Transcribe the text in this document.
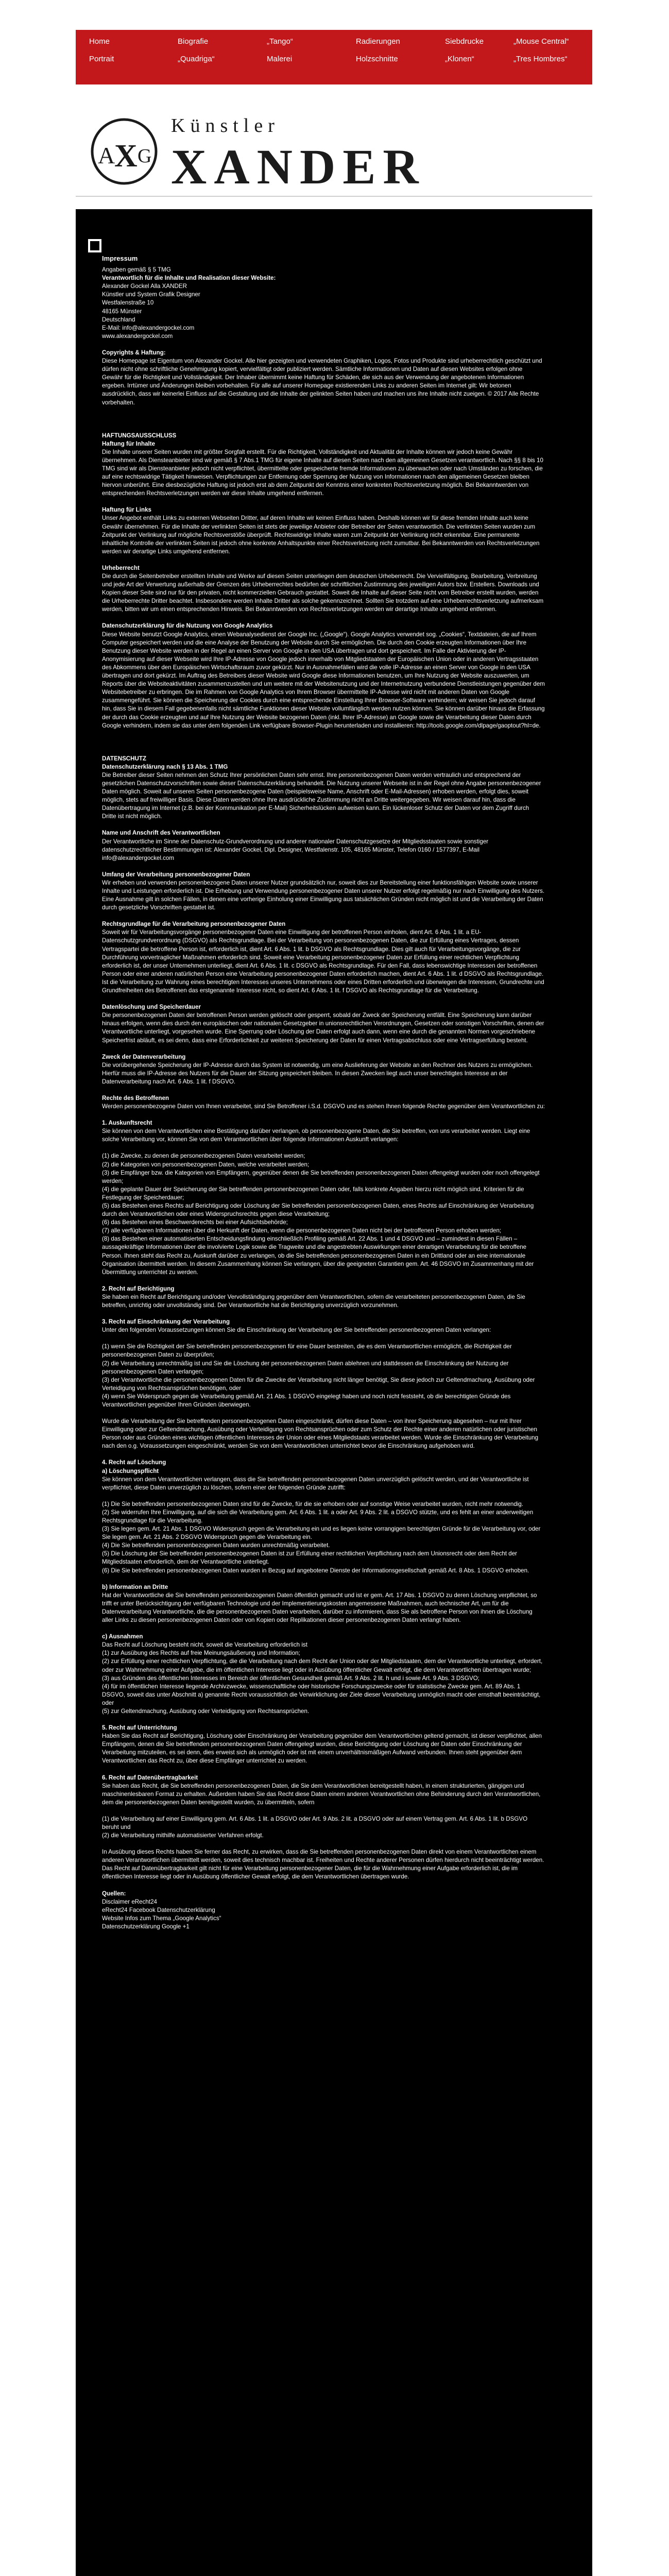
Home	Biografie	„Tango“	Radierungen	Siebdrucke	„Mouse Central“
Portrait	„Quadriga“	Malerei	Holzschnitte	„Klonen“	„Tres Hombres“
A
X G
Künstler
XANDER
Impressum
Angaben gemäß § 5 TMG
Verantwortlich für die Inhalte und Realisation dieser Website:
Alexander Gockel Alla XANDER
Künstler und System Grafik Designer
Westfalenstraße 10
48165 Münster
Deutschland
E-Mail: info@alexandergockel.com
www.alexandergockel.com
Copyrights & Haftung:

Diese Homepage ist Eigentum von Alexander Gockel. Alle hier gezeigten und verwendeten Graphiken, Logos, Fotos und Produkte sind urheberrechtlich geschützt und dürfen nicht ohne schriftliche Genehmigung kopiert, vervielfältigt oder publiziert werden. Sämtliche Informationen und Daten auf diesen Websites erfolgen ohne Gewähr für die Richtigkeit und Vollständigkeit. Der Inhaber übernimmt keine Haftung für Schäden, die sich aus der Verwendung der angebotenen Informationen ergeben. Irrtümer und Änderungen bleiben vorbehalten. Für alle auf unserer Homepage existierenden Links zu anderen Seiten im Internet gilt: Wir betonen ausdrücklich, dass wir keinerlei Einfluss auf die Gestaltung und die Inhalte der gelinkten Seiten haben und machen uns ihre Inhalte nicht zueigen. © 2017 Alle Rechte vorbehalten.

HAFTUNGSAUSSCHLUSS
Haftung für Inhalte

Die Inhalte unserer Seiten wurden mit größter Sorgfalt erstellt. Für die Richtigkeit, Vollständigkeit und Aktualität der Inhalte können wir jedoch keine Gewähr übernehmen. Als Diensteanbieter sind wir gemäß § 7 Abs.1 TMG für eigene Inhalte auf diesen Seiten nach den allgemeinen Gesetzen verantwortlich. Nach §§ 8 bis 10 TMG sind wir als Diensteanbieter jedoch nicht verpflichtet, übermittelte oder gespeicherte fremde Informationen zu überwachen oder nach Umständen zu forschen, die auf eine rechtswidrige Tätigkeit hinweisen. Verpflichtungen zur Entfernung oder Sperrung der Nutzung von Informationen nach den allgemeinen Gesetzen bleiben hiervon unberührt. Eine diesbezügliche Haftung ist jedoch erst ab dem Zeitpunkt der Kenntnis einer konkreten Rechtsverletzung möglich. Bei Bekanntwerden von entsprechenden Rechtsverletzungen werden wir diese Inhalte umgehend entfernen.

Haftung für Links

Unser Angebot enthält Links zu externen Webseiten Dritter, auf deren Inhalte wir keinen Einfluss haben. Deshalb können wir für diese fremden Inhalte auch keine Gewähr übernehmen. Für die Inhalte der verlinkten Seiten ist stets der jeweilige Anbieter oder Betreiber der Seiten verantwortlich. Die verlinkten Seiten wurden zum Zeitpunkt der Verlinkung auf mögliche Rechtsverstöße überprüft. Rechtswidrige Inhalte waren zum Zeitpunkt der Verlinkung nicht erkennbar. Eine permanente inhaltliche Kontrolle der verlinkten Seiten ist jedoch ohne konkrete Anhaltspunkte einer Rechtsverletzung nicht zumutbar. Bei Bekanntwerden von Rechtsverletzungen werden wir derartige Links umgehend entfernen.

Urheberrecht

Die durch die Seitenbetreiber erstellten Inhalte und Werke auf diesen Seiten unterliegen dem deutschen Urheberrecht. Die Vervielfältigung, Bearbeitung, Verbreitung und jede Art der Verwertung außerhalb der Grenzen des Urheberrechtes bedürfen der schriftlichen Zustimmung des jeweiligen Autors bzw. Erstellers. Downloads und Kopien dieser Seite sind nur für den privaten, nicht kommerziellen Gebrauch gestattet. Soweit die Inhalte auf dieser Seite nicht vom Betreiber erstellt wurden, werden die Urheberrechte Dritter beachtet. Insbesondere werden Inhalte Dritter als solche gekennzeichnet. Sollten Sie trotzdem auf eine Urheberrechtsverletzung aufmerksam werden, bitten wir um einen entsprechenden Hinweis. Bei Bekanntwerden von Rechtsverletzungen werden wir derartige Inhalte umgehend entfernen.

Datenschutzerklärung für die Nutzung von Google Analytics

Diese Website benutzt Google Analytics, einen Webanalysedienst der Google Inc. („Google“). Google Analytics verwendet sog. „Cookies“, Textdateien, die auf Ihrem Computer gespeichert werden und die eine Analyse der Benutzung der Website durch Sie ermöglichen. Die durch den Cookie erzeugten Informationen über Ihre Benutzung dieser Website werden in der Regel an einen Server von Google in den USA übertragen und dort gespeichert. Im Falle der Aktivierung der IP-Anonymisierung auf dieser Webseite wird Ihre IP-Adresse von Google jedoch innerhalb von Mitgliedstaaten der Europäischen Union oder in anderen Vertragsstaaten des Abkommens über den Europäischen Wirtschaftsraum zuvor gekürzt. Nur in Ausnahmefällen wird die volle IP-Adresse an einen Server von Google in den USA übertragen und dort gekürzt. Im Auftrag des Betreibers dieser Website wird Google diese Informationen benutzen, um Ihre Nutzung der Website auszuwerten, um Reports über die Websiteaktivitäten zusammenzustellen und um weitere mit der Websitenutzung und der Internetnutzung verbundene Dienstleistungen gegenüber dem Websitebetreiber zu erbringen. Die im Rahmen von Google Analytics von Ihrem Browser übermittelte IP-Adresse wird nicht mit anderen Daten von Google zusammengeführt. Sie können die Speicherung der Cookies durch eine entsprechende Einstellung Ihrer Browser-Software verhindern; wir weisen Sie jedoch darauf hin, dass Sie in diesem Fall gegebenenfalls nicht sämtliche Funktionen dieser Website vollumfänglich werden nutzen können. Sie können darüber hinaus die Erfassung der durch das Cookie erzeugten und auf Ihre Nutzung der Website bezogenen Daten (inkl. Ihrer IP-Adresse) an Google sowie die Verarbeitung dieser Daten durch Google verhindern, indem sie das unter dem folgenden Link verfügbare Browser-Plugin herunterladen und installieren: http://tools.google.com/dlpage/gaoptout?hl=de.

DATENSCHUTZ
Datenschutzerklärung nach § 13 Abs. 1 TMG

Die Betreiber dieser Seiten nehmen den Schutz Ihrer persönlichen Daten sehr ernst. Ihre personenbezogenen Daten werden vertraulich und entsprechend der gesetzlichen Datenschutzvorschriften sowie dieser Datenschutzerklärung behandelt. Die Nutzung unserer Webseite ist in der Regel ohne Angabe personenbezogener Daten möglich. Soweit auf unseren Seiten personenbezogene Daten (beispielsweise Name, Anschrift oder E-Mail-Adressen) erhoben werden, erfolgt dies, soweit möglich, stets auf freiwilliger Basis. Diese Daten werden ohne Ihre ausdrückliche Zustimmung nicht an Dritte weitergegeben. Wir weisen darauf hin, dass die Datenübertragung im Internet (z.B. bei der Kommunikation per E-Mail) Sicherheitslücken aufweisen kann. Ein lückenloser Schutz der Daten vor dem Zugriff durch Dritte ist nicht möglich.

Name und Anschrift des Verantwortlichen

Der Verantwortliche im Sinne der Datenschutz-Grundverordnung und anderer nationaler Datenschutzgesetze der Mitgliedsstaaten sowie sonstiger datenschutzrechtlicher Bestimmungen ist: Alexander Gockel, Dipl. Designer, Westfalenstr. 105, 48165 Münster, Telefon 0160 / 1577397, E-Mail info@alexandergockel.com

Umfang der Verarbeitung personenbezogener Daten

Wir erheben und verwenden personenbezogene Daten unserer Nutzer grundsätzlich nur, soweit dies zur Bereitstellung einer funktionsfähigen Website sowie unserer Inhalte und Leistungen erforderlich ist. Die Erhebung und Verwendung personenbezogener Daten unserer Nutzer erfolgt regelmäßig nur nach Einwilligung des Nutzers. Eine Ausnahme gilt in solchen Fällen, in denen eine vorherige Einholung einer Einwilligung aus tatsächlichen Gründen nicht möglich ist und die Verarbeitung der Daten durch gesetzliche Vorschriften gestattet ist.

Rechtsgrundlage für die Verarbeitung personenbezogener Daten

Soweit wir für Verarbeitungsvorgänge personenbezogener Daten eine Einwilligung der betroffenen Person einholen, dient Art. 6 Abs. 1 lit. a EU-Datenschutzgrundverordnung (DSGVO) als Rechtsgrundlage. Bei der Verarbeitung von personenbezogenen Daten, die zur Erfüllung eines Vertrages, dessen Vertragspartei die betroffene Person ist, erforderlich ist, dient Art. 6 Abs. 1 lit. b DSGVO als Rechtsgrundlage. Dies gilt auch für Verarbeitungsvorgänge, die zur Durchführung vorvertraglicher Maßnahmen erforderlich sind. Soweit eine Verarbeitung personenbezogener Daten zur Erfüllung einer rechtlichen Verpflichtung erforderlich ist, der unser Unternehmen unterliegt, dient Art. 6 Abs. 1 lit. c DSGVO als Rechtsgrundlage. Für den Fall, dass lebenswichtige Interessen der betroffenen Person oder einer anderen natürlichen Person eine Verarbeitung personenbezogener Daten erforderlich machen, dient Art. 6 Abs. 1 lit. d DSGVO als Rechtsgrundlage. Ist die Verarbeitung zur Wahrung eines berechtigten Interesses unseres Unternehmens oder eines Dritten erforderlich und überwiegen die Interessen, Grundrechte und Grundfreiheiten des Betroffenen das erstgenannte Interesse nicht, so dient Art. 6 Abs. 1 lit. f DSGVO als Rechtsgrundlage für die Verarbeitung.

Datenlöschung und Speicherdauer

Die personenbezogenen Daten der betroffenen Person werden gelöscht oder gesperrt, sobald der Zweck der Speicherung entfällt. Eine Speicherung kann darüber hinaus erfolgen, wenn dies durch den europäischen oder nationalen Gesetzgeber in unionsrechtlichen Verordnungen, Gesetzen oder sonstigen Vorschriften, denen der Verantwortliche unterliegt, vorgesehen wurde. Eine Sperrung oder Löschung der Daten erfolgt auch dann, wenn eine durch die genannten Normen vorgeschriebene Speicherfrist abläuft, es sei denn, dass eine Erforderlichkeit zur weiteren Speicherung der Daten für einen Vertragsabschluss oder eine Vertragserfüllung besteht.

Zweck der Datenverarbeitung

Die vorübergehende Speicherung der IP-Adresse durch das System ist notwendig, um eine Auslieferung der Website an den Rechner des Nutzers zu ermöglichen. Hierfür muss die IP-Adresse des Nutzers für die Dauer der Sitzung gespeichert bleiben. In diesen Zwecken liegt auch unser berechtigtes Interesse an der Datenverarbeitung nach Art. 6 Abs. 1 lit. f DSGVO.

Rechte des Betroffenen

Werden personenbezogene Daten von Ihnen verarbeitet, sind Sie Betroffener i.S.d. DSGVO und es stehen Ihnen folgende Rechte gegenüber dem Verantwortlichen zu:

1. Auskunftsrecht

Sie können von dem Verantwortlichen eine Bestätigung darüber verlangen, ob personenbezogene Daten, die Sie betreffen, von uns verarbeitet werden. Liegt eine solche Verarbeitung vor, können Sie von dem Verantwortlichen über folgende Informationen Auskunft verlangen:

(1) die Zwecke, zu denen die personenbezogenen Daten verarbeitet werden;
(2) die Kategorien von personenbezogenen Daten, welche verarbeitet werden;
(3) die Empfänger bzw. die Kategorien von Empfängern, gegenüber denen die Sie betreffenden personenbezogenen Daten offengelegt wurden oder noch offengelegt werden;
(4) die geplante Dauer der Speicherung der Sie betreffenden personenbezogenen Daten oder, falls konkrete Angaben hierzu nicht möglich sind, Kriterien für die Festlegung der Speicherdauer;
(5) das Bestehen eines Rechts auf Berichtigung oder Löschung der Sie betreffenden personenbezogenen Daten, eines Rechts auf Einschränkung der Verarbeitung durch den Verantwortlichen oder eines Widerspruchsrechts gegen diese Verarbeitung;
(6) das Bestehen eines Beschwerderechts bei einer Aufsichtsbehörde;
(7) alle verfügbaren Informationen über die Herkunft der Daten, wenn die personenbezogenen Daten nicht bei der betroffenen Person erhoben werden;
(8) das Bestehen einer automatisierten Entscheidungsfindung einschließlich Profiling gemäß Art. 22 Abs. 1 und 4 DSGVO und – zumindest in diesen Fällen – aussagekräftige Informationen über die involvierte Logik sowie die Tragweite und die angestrebten Auswirkungen einer derartigen Verarbeitung für die betroffene Person. Ihnen steht das Recht zu, Auskunft darüber zu verlangen, ob die Sie betreffenden personenbezogenen Daten in ein Drittland oder an eine internationale Organisation übermittelt werden. In diesem Zusammenhang können Sie verlangen, über die geeigneten Garantien gem. Art. 46 DSGVO im Zusammenhang mit der Übermittlung unterrichtet zu werden.
2. Recht auf Berichtigung

Sie haben ein Recht auf Berichtigung und/oder Vervollständigung gegenüber dem Verantwortlichen, sofern die verarbeiteten personenbezogenen Daten, die Sie betreffen, unrichtig oder unvollständig sind. Der Verantwortliche hat die Berichtigung unverzüglich vorzunehmen.

3. Recht auf Einschränkung der Verarbeitung

Unter den folgenden Voraussetzungen können Sie die Einschränkung der Verarbeitung der Sie betreffenden personenbezogenen Daten verlangen:

(1) wenn Sie die Richtigkeit der Sie betreffenden personenbezogenen für eine Dauer bestreiten, die es dem Verantwortlichen ermöglicht, die Richtigkeit der personenbezogenen Daten zu überprüfen;
(2) die Verarbeitung unrechtmäßig ist und Sie die Löschung der personenbezogenen Daten ablehnen und stattdessen die Einschränkung der Nutzung der personenbezogenen Daten verlangen;
(3) der Verantwortliche die personenbezogenen Daten für die Zwecke der Verarbeitung nicht länger benötigt, Sie diese jedoch zur Geltendmachung, Ausübung oder Verteidigung von Rechtsansprüchen benötigen, oder
(4) wenn Sie Widerspruch gegen die Verarbeitung gemäß Art. 21 Abs. 1 DSGVO eingelegt haben und noch nicht feststeht, ob die berechtigten Gründe des Verantwortlichen gegenüber Ihren Gründen überwiegen.

Wurde die Verarbeitung der Sie betreffenden personenbezogenen Daten eingeschränkt, dürfen diese Daten – von ihrer Speicherung abgesehen – nur mit Ihrer Einwilligung oder zur Geltendmachung, Ausübung oder Verteidigung von Rechtsansprüchen oder zum Schutz der Rechte einer anderen natürlichen oder juristischen Person oder aus Gründen eines wichtigen öffentlichen Interesses der Union oder eines Mitgliedstaats verarbeitet werden. Wurde die Einschränkung der Verarbeitung nach den o.g. Voraussetzungen eingeschränkt, werden Sie von dem Verantwortlichen unterrichtet bevor die Einschränkung aufgehoben wird.

4. Recht auf Löschung
a) Löschungspflicht

Sie können von dem Verantwortlichen verlangen, dass die Sie betreffenden personenbezogenen Daten unverzüglich gelöscht werden, und der Verantwortliche ist verpflichtet, diese Daten unverzüglich zu löschen, sofern einer der folgenden Gründe zutrifft:

(1) Die Sie betreffenden personenbezogenen Daten sind für die Zwecke, für die sie erhoben oder auf sonstige Weise verarbeitet wurden, nicht mehr notwendig.
(2) Sie widerrufen Ihre Einwilligung, auf die sich die Verarbeitung gem. Art. 6 Abs. 1 lit. a oder Art. 9 Abs. 2 lit. a DSGVO stützte, und es fehlt an einer anderweitigen Rechtsgrundlage für die Verarbeitung.
(3) Sie legen gem. Art. 21 Abs. 1 DSGVO Widerspruch gegen die Verarbeitung ein und es liegen keine vorrangigen berechtigten Gründe für die Verarbeitung vor, oder Sie legen gem. Art. 21 Abs. 2 DSGVO Widerspruch gegen die Verarbeitung ein.
(4) Die Sie betreffenden personenbezogenen Daten wurden unrechtmäßig verarbeitet.
(5) Die Löschung der Sie betreffenden personenbezogenen Daten ist zur Erfüllung einer rechtlichen Verpflichtung nach dem Unionsrecht oder dem Recht der Mitgliedstaaten erforderlich, dem der Verantwortliche unterliegt.
(6) Die Sie betreffenden personenbezogenen Daten wurden in Bezug auf angebotene Dienste der Informationsgesellschaft gemäß Art. 8 Abs. 1 DSGVO erhoben.
b) Information an Dritte

Hat der Verantwortliche die Sie betreffenden personenbezogenen Daten öffentlich gemacht und ist er gem. Art. 17 Abs. 1 DSGVO zu deren Löschung verpflichtet, so trifft er unter Berücksichtigung der verfügbaren Technologie und der Implementierungskosten angemessene Maßnahmen, auch technischer Art, um für die Datenverarbeitung Verantwortliche, die die personenbezogenen Daten verarbeiten, darüber zu informieren, dass Sie als betroffene Person von ihnen die Löschung aller Links zu diesen personenbezogenen Daten oder von Kopien oder Replikationen dieser personenbezogenen Daten verlangt haben.

c) Ausnahmen
Das Recht auf Löschung besteht nicht, soweit die Verarbeitung erforderlich ist
(1) zur Ausübung des Rechts auf freie Meinungsäußerung und Information;
(2) zur Erfüllung einer rechtlichen Verpflichtung, die die Verarbeitung nach dem Recht der Union oder der Mitgliedstaaten, dem der Verantwortliche unterliegt, erfordert, oder zur Wahrnehmung einer Aufgabe, die im öffentlichen Interesse liegt oder in Ausübung öffentlicher Gewalt erfolgt, die dem Verantwortlichen übertragen wurde;
(3) aus Gründen des öffentlichen Interesses im Bereich der öffentlichen Gesundheit gemäß Art. 9 Abs. 2 lit. h und i sowie Art. 9 Abs. 3 DSGVO;
(4) für im öffentlichen Interesse liegende Archivzwecke, wissenschaftliche oder historische Forschungszwecke oder für statistische Zwecke gem. Art. 89 Abs. 1 DSGVO, soweit das unter Abschnitt a) genannte Recht voraussichtlich die Verwirklichung der Ziele dieser Verarbeitung unmöglich macht oder ernsthaft beeinträchtigt, oder
(5) zur Geltendmachung, Ausübung oder Verteidigung von Rechtsansprüchen.
5. Recht auf Unterrichtung

Haben Sie das Recht auf Berichtigung, Löschung oder Einschränkung der Verarbeitung gegenüber dem Verantwortlichen geltend gemacht, ist dieser verpflichtet, allen Empfängern, denen die Sie betreffenden personenbezogenen Daten offengelegt wurden, diese Berichtigung oder Löschung der Daten oder Einschränkung der Verarbeitung mitzuteilen, es sei denn, dies erweist sich als unmöglich oder ist mit einem unverhältnismäßigen Aufwand verbunden. Ihnen steht gegenüber dem Verantwortlichen das Recht zu, über diese Empfänger unterrichtet zu werden.

6. Recht auf Datenübertragbarkeit

Sie haben das Recht, die Sie betreffenden personenbezogenen Daten, die Sie dem Verantwortlichen bereitgestellt haben, in einem strukturierten, gängigen und maschinenlesbaren Format zu erhalten. Außerdem haben Sie das Recht diese Daten einem anderen Verantwortlichen ohne Behinderung durch den Verantwortlichen, dem die personenbezogenen Daten bereitgestellt wurden, zu übermitteln, sofern

(1) die Verarbeitung auf einer Einwilligung gem. Art. 6 Abs. 1 lit. a DSGVO oder Art. 9 Abs. 2 lit. a DSGVO oder auf einem Vertrag gem. Art. 6 Abs. 1 lit. b DSGVO beruht und
(2) die Verarbeitung mithilfe automatisierter Verfahren erfolgt.

In Ausübung dieses Rechts haben Sie ferner das Recht, zu erwirken, dass die Sie betreffenden personenbezogenen Daten direkt von einem Verantwortlichen einem anderen Verantwortlichen übermittelt werden, soweit dies technisch machbar ist. Freiheiten und Rechte anderer Personen dürfen hierdurch nicht beeinträchtigt werden. Das Recht auf Datenübertragbarkeit gilt nicht für eine Verarbeitung personenbezogener Daten, die für die Wahrnehmung einer Aufgabe erforderlich ist, die im öffentlichen Interesse liegt oder in Ausübung öffentlicher Gewalt erfolgt, die dem Verantwortlichen übertragen wurde.

Quellen:
Disclaimer eRecht24
eRecht24 Facebook Datenschutzerklärung
Website Infos zum Thema „Google Analytics“
Datenschutzerklärung Google +1
